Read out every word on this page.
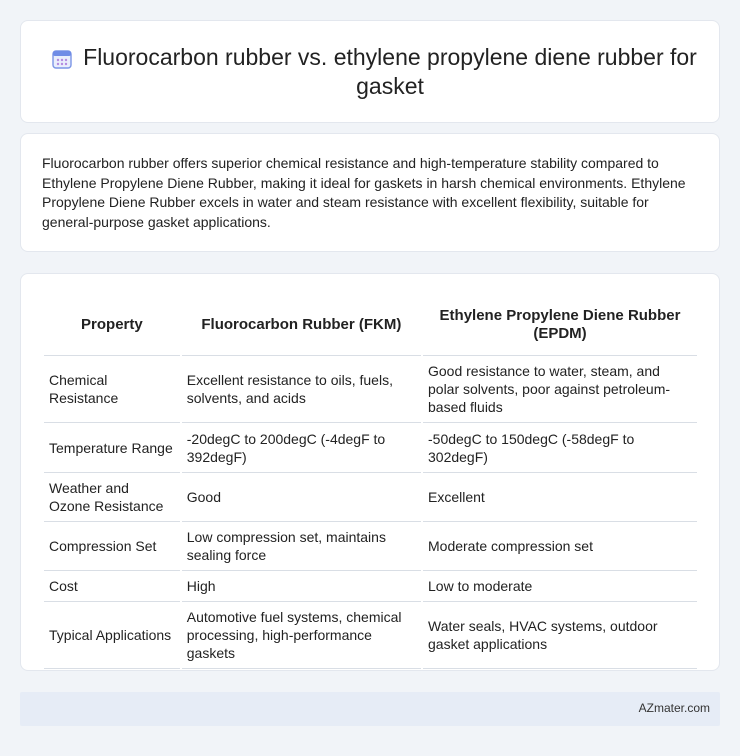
Fluorocarbon rubber vs. ethylene propylene diene rubber for gasket

Fluorocarbon rubber offers superior chemical resistance and high-temperature stability compared to Ethylene Propylene Diene Rubber, making it ideal for gaskets in harsh chemical environments. Ethylene Propylene Diene Rubber excels in water and steam resistance with excellent flexibility, suitable for general-purpose gasket applications.

Property	Fluorocarbon Rubber (FKM)	Ethylene Propylene Diene Rubber (EPDM)
Chemical Resistance	Excellent resistance to oils, fuels, solvents, and acids	Good resistance to water, steam, and polar solvents, poor against petroleum-based fluids
Temperature Range	-20degC to 200degC (-4degF to 392degF)	-50degC to 150degC (-58degF to 302degF)
Weather and Ozone Resistance	Good	Excellent
Compression Set	Low compression set, maintains sealing force	Moderate compression set
Cost	High	Low to moderate
Typical Applications	Automotive fuel systems, chemical processing, high-performance gaskets	Water seals, HVAC systems, outdoor gasket applications
AZmater.com
